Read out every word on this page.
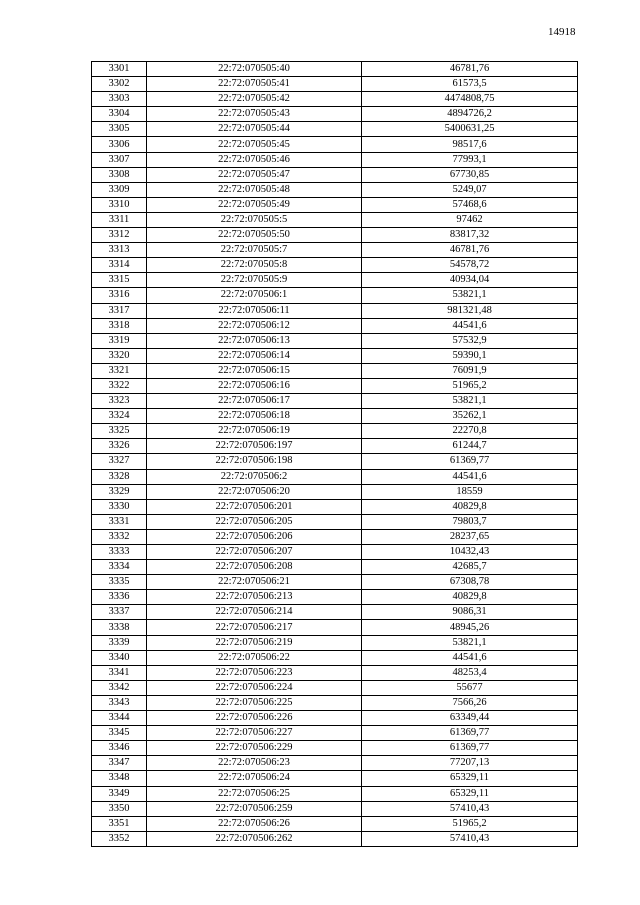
14918
3301	22:72:070505:40	46781,76
3302	22:72:070505:41	61573,5
3303	22:72:070505:42	4474808,75
3304	22:72:070505:43	4894726,2
3305	22:72:070505:44	5400631,25
3306	22:72:070505:45	98517,6
3307	22:72:070505:46	77993,1
3308	22:72:070505:47	67730,85
3309	22:72:070505:48	5249,07
3310	22:72:070505:49	57468,6
3311	22:72:070505:5	97462
3312	22:72:070505:50	83817,32
3313	22:72:070505:7	46781,76
3314	22:72:070505:8	54578,72
3315	22:72:070505:9	40934,04
3316	22:72:070506:1	53821,1
3317	22:72:070506:11	981321,48
3318	22:72:070506:12	44541,6
3319	22:72:070506:13	57532,9
3320	22:72:070506:14	59390,1
3321	22:72:070506:15	76091,9
3322	22:72:070506:16	51965,2
3323	22:72:070506:17	53821,1
3324	22:72:070506:18	35262,1
3325	22:72:070506:19	22270,8
3326	22:72:070506:197	61244,7
3327	22:72:070506:198	61369,77
3328	22:72:070506:2	44541,6
3329	22:72:070506:20	18559
3330	22:72:070506:201	40829,8
3331	22:72:070506:205	79803,7
3332	22:72:070506:206	28237,65
3333	22:72:070506:207	10432,43
3334	22:72:070506:208	42685,7
3335	22:72:070506:21	67308,78
3336	22:72:070506:213	40829,8
3337	22:72:070506:214	9086,31
3338	22:72:070506:217	48945,26
3339	22:72:070506:219	53821,1
3340	22:72:070506:22	44541,6
3341	22:72:070506:223	48253,4
3342	22:72:070506:224	55677
3343	22:72:070506:225	7566,26
3344	22:72:070506:226	63349,44
3345	22:72:070506:227	61369,77
3346	22:72:070506:229	61369,77
3347	22:72:070506:23	77207,13
3348	22:72:070506:24	65329,11
3349	22:72:070506:25	65329,11
3350	22:72:070506:259	57410,43
3351	22:72:070506:26	51965,2
3352	22:72:070506:262	57410,43
